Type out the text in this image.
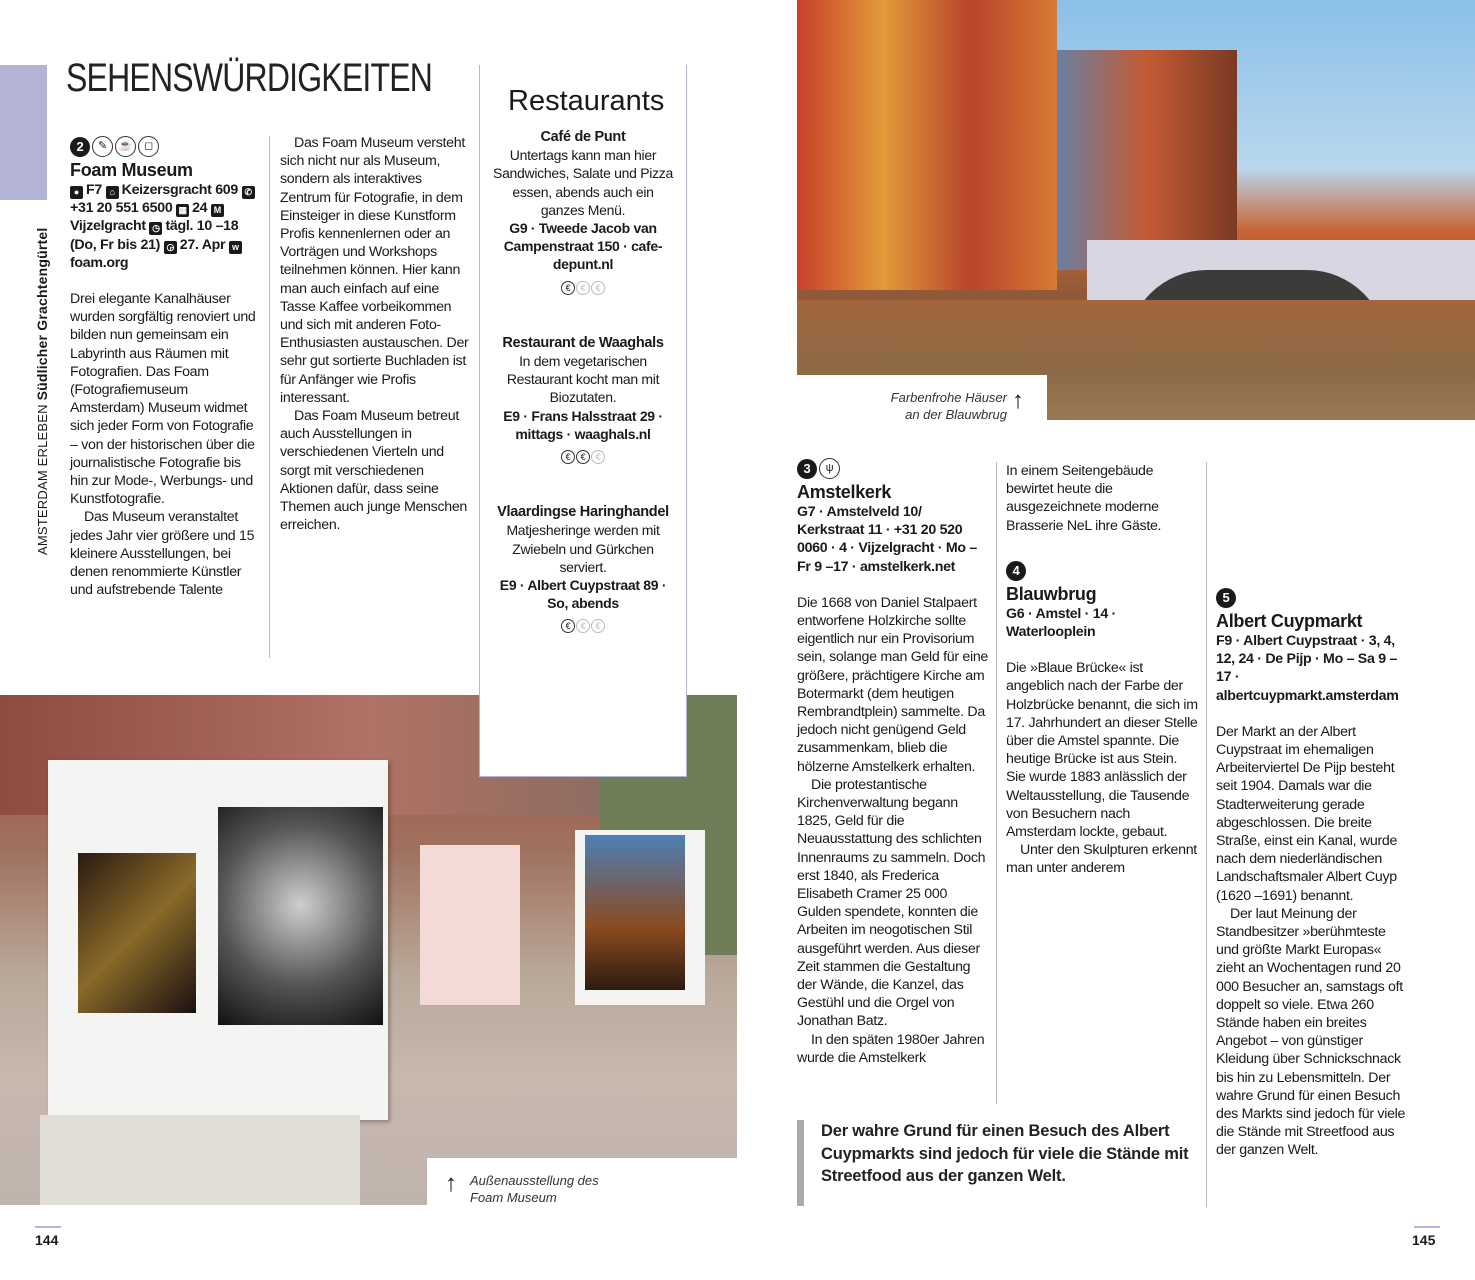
AMSTERDAM ERLEBEN Südlicher Grachtengürtel
SEHENSWÜRDIGKEITEN
2 ✎ ☕ ◻
Foam Museum
● F7 ⌂ Keizersgracht 609 ✆+31 20 551 6500 ▦ 24 MVijzelgracht ◷ tägl. 10 –18 (Do, Fr bis 21) ◶ 27. Apr wfoam.org

Drei elegante Kanalhäuser wurden sorgfältig renoviert und bilden nun gemeinsam ein Labyrinth aus Räumen mit Fotografien. Das Foam (Fotografiemuseum Amsterdam) Museum widmet sich jeder Form von Fotografie – von der historischen über die journalistische Fotografie bis hin zur Mode-, Werbungs- und Kunstfotografie.

Das Museum veranstaltet jedes Jahr vier größere und 15 kleinere Ausstellungen, bei denen renommierte Künstler und aufstrebende Talente

Das Foam Museum versteht sich nicht nur als Museum, sondern als interaktives Zentrum für Fotografie, in dem Einsteiger in diese Kunstform Profis kennenlernen oder an Vorträgen und Workshops teilnehmen können. Hier kann man auch einfach auf eine Tasse Kaffee vorbeikommen und sich mit anderen Foto-Enthusiasten austauschen. Der sehr gut sortierte Buchladen ist für Anfänger wie Profis interessant.

Das Foam Museum betreut auch Ausstellungen in verschiedenen Vierteln und sorgt mit verschiedenen Aktionen dafür, dass seine Themen auch junge Menschen erreichen.

Restaurants
Café de Punt
Untertags kann man hier Sandwiches, Salate und Pizza essen, abends auch ein ganzes Menü.
G9 · Tweede Jacob van Campenstraat 150 · cafe-depunt.nl
€ € €
Restaurant de Waaghals
In dem vegetarischen Restaurant kocht man mit Biozutaten.
E9 · Frans Halsstraat 29 · mittags · waaghals.nl
€ € €
Vlaardingse Haringhandel
Matjesheringe werden mit Zwiebeln und Gürkchen serviert.
E9 · Albert Cuypstraat 89 · So, abends
€ € €
↑ Außenausstellung des Foam Museum
144
Farbenfrohe Häuser an der Blauwbrug
↑
3 ψ
Amstelkerk
G7 · Amstelveld 10/ Kerkstraat 11 · +31 20 520 0060 · 4 · Vijzelgracht · Mo – Fr 9 –17 · amstelkerk.net

Die 1668 von Daniel Stalpaert entworfene Holzkirche sollte eigentlich nur ein Provisorium sein, solange man Geld für eine größere, prächtigere Kirche am Botermarkt (dem heutigen Rembrandtplein) sammelte. Da jedoch nicht genügend Geld zusammenkam, blieb die hölzerne Amstelkerk erhalten.

Die protestantische Kirchenverwaltung begann 1825, Geld für die Neuausstattung des schlichten Innenraums zu sammeln. Doch erst 1840, als Frederica Elisabeth Cramer 25 000 Gulden spendete, konnten die Arbeiten im neogotischen Stil ausgeführt werden. Aus dieser Zeit stammen die Gestaltung der Wände, die Kanzel, das Gestühl und die Orgel von Jonathan Batz.

In den späten 1980er Jahren wurde die Amstelkerk

In einem Seitengebäude bewirtet heute die ausgezeichnete moderne Brasserie NeL ihre Gäste.

4
Blauwbrug
G6 · Amstel · 14 · Waterlooplein

Die »Blaue Brücke« ist angeblich nach der Farbe der Holzbrücke benannt, die sich im 17. Jahrhundert an dieser Stelle über die Amstel spannte. Die heutige Brücke ist aus Stein. Sie wurde 1883 anlässlich der Weltausstellung, die Tausende von Besuchern nach Amsterdam lockte, gebaut.

Unter den Skulpturen erkennt man unter anderem

5
Albert Cuypmarkt
F9 · Albert Cuypstraat · 3, 4, 12, 24 · De Pijp · Mo – Sa 9 –17 · albertcuypmarkt.amsterdam

Der Markt an der Albert Cuypstraat im ehemaligen Arbeiterviertel De Pijp besteht seit 1904. Damals war die Stadterweiterung gerade abgeschlossen. Die breite Straße, einst ein Kanal, wurde nach dem niederländischen Landschaftsmaler Albert Cuyp (1620 –1691) benannt.

Der laut Meinung der Standbesitzer »berühmteste und größte Markt Europas« zieht an Wochentagen rund 20 000 Besucher an, samstags oft doppelt so viele. Etwa 260 Stände haben ein breites Angebot – von günstiger Kleidung über Schnickschnack bis hin zu Lebensmitteln. Der wahre Grund für einen Besuch des Markts sind jedoch für viele die Stände mit Streetfood aus der ganzen Welt.

Der wahre Grund für einen Besuch des Albert Cuypmarkts sind jedoch für viele die Stände mit Streetfood aus der ganzen Welt.
145
